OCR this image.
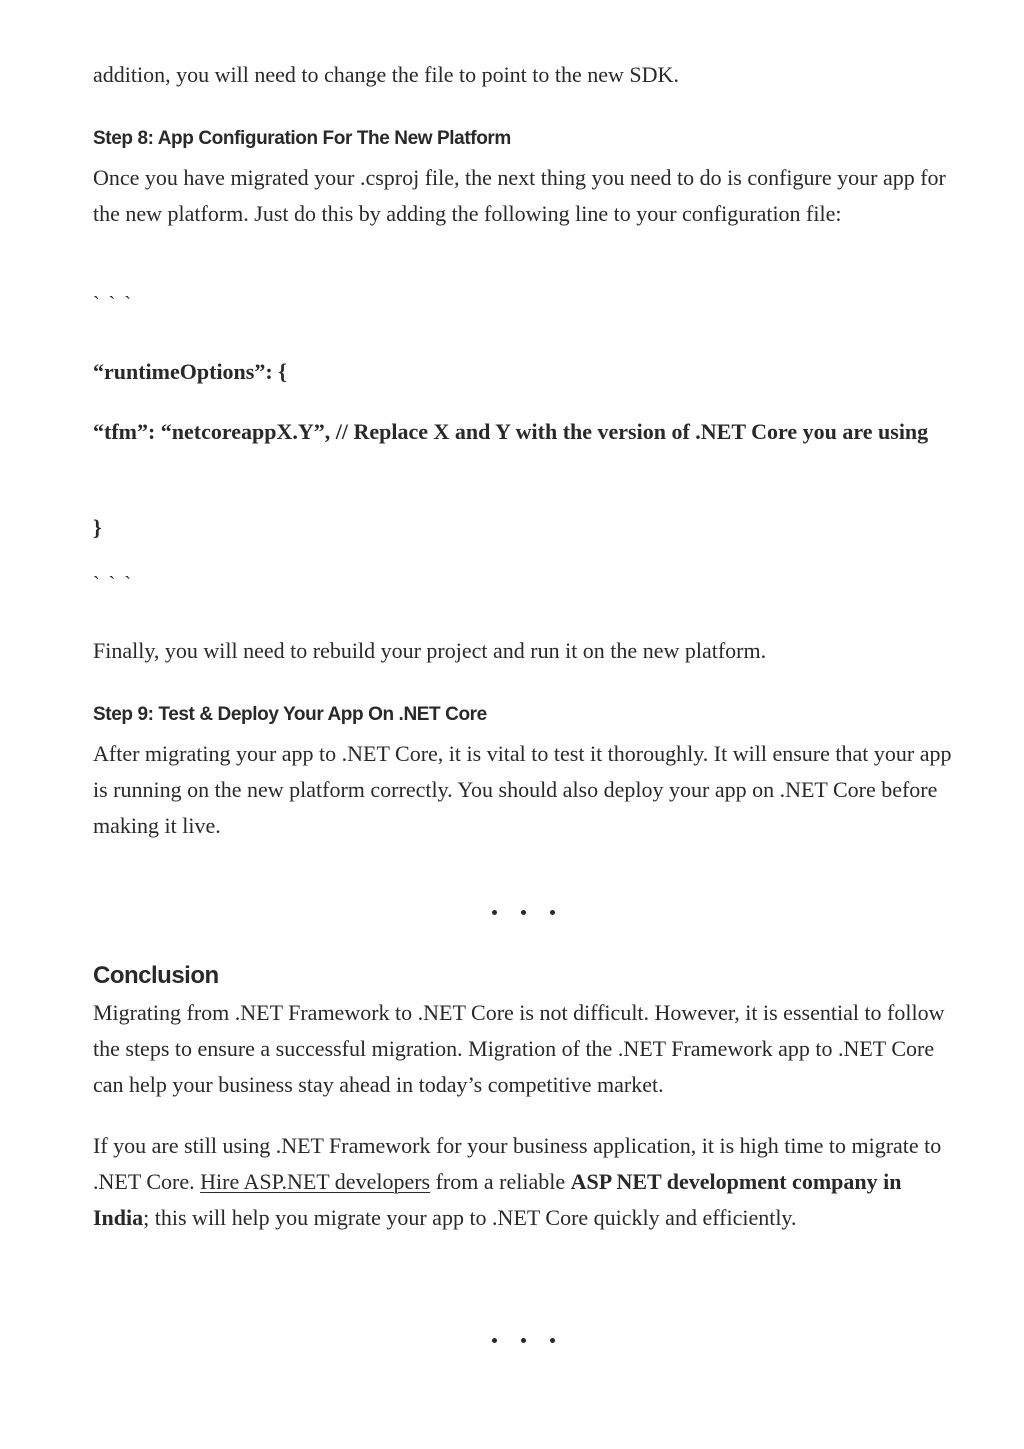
addition, you will need to change the file to point to the new SDK.

Step 8: App Configuration For The New Platform

Once you have migrated your .csproj file, the next thing you need to do is configure your app for the new platform. Just do this by adding the following line to your configuration file:

` ` `

“runtimeOptions”: {

“tfm”: “netcoreappX.Y”, // Replace X and Y with the version of .NET Core you are using

}

` ` `

Finally, you will need to rebuild your project and run it on the new platform.

Step 9: Test & Deploy Your App On .NET Core

After migrating your app to .NET Core, it is vital to test it thoroughly. It will ensure that your app is running on the new platform correctly. You should also deploy your app on .NET Core before making it live.

Conclusion

Migrating from .NET Framework to .NET Core is not difficult. However, it is essential to follow the steps to ensure a successful migration. Migration of the .NET Framework app to .NET Core can help your business stay ahead in today’s competitive market.

If you are still using .NET Framework for your business application, it is high time to migrate to .NET Core. Hire ASP.NET developers from a reliable ASP NET development company in India; this will help you migrate your app to .NET Core quickly and efficiently.
